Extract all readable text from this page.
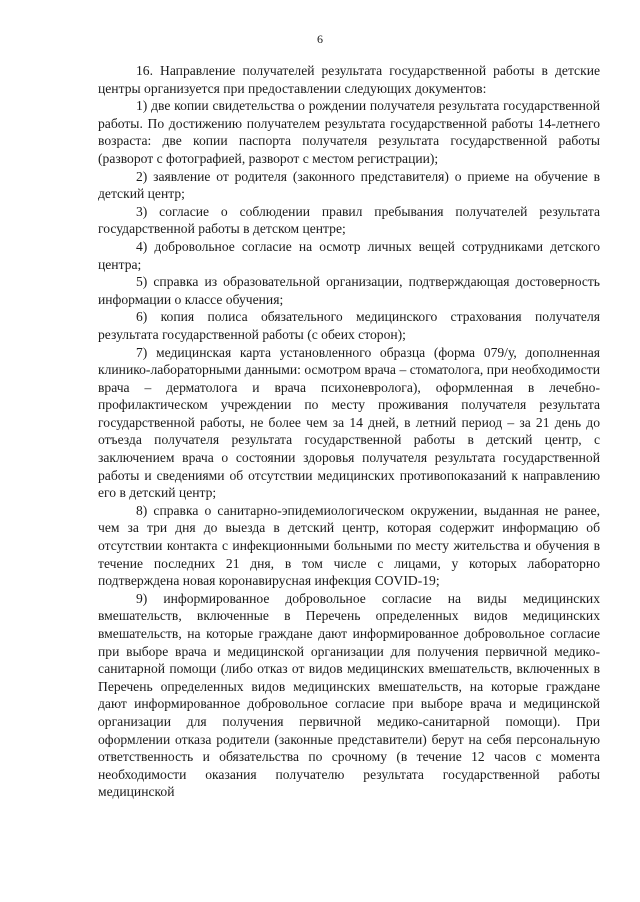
6

16. Направление получателей результата государственной работы в детские центры организуется при предоставлении следующих документов:

1) две копии свидетельства о рождении получателя результата государственной работы. По достижению получателем результата государственной работы 14-летнего возраста: две копии паспорта получателя результата государственной работы (разворот с фотографией, разворот с местом регистрации);

2) заявление от родителя (законного представителя) о приеме на обучение в детский центр;

3) согласие о соблюдении правил пребывания получателей результата государственной работы в детском центре;

4) добровольное согласие на осмотр личных вещей сотрудниками детского центра;

5) справка из образовательной организации, подтверждающая достоверность информации о классе обучения;

6) копия полиса обязательного медицинского страхования получателя результата государственной работы (с обеих сторон);

7) медицинская карта установленного образца (форма 079/у, дополненная клинико-лабораторными данными: осмотром врача – стоматолога, при необходимости врача – дерматолога и врача психоневролога), оформленная в лечебно-профилактическом учреждении по месту проживания получателя результата государственной работы, не более чем за 14 дней, в летний период – за 21 день до отъезда получателя результата государственной работы в детский центр, с заключением врача о состоянии здоровья получателя результата государственной работы и сведениями об отсутствии медицинских противопоказаний к направлению его в детский центр;

8) справка о санитарно-эпидемиологическом окружении, выданная не ранее, чем за три дня до выезда в детский центр, которая содержит информацию об отсутствии контакта с инфекционными больными по месту жительства и обучения в течение последних 21 дня, в том числе с лицами, у которых лабораторно подтверждена новая коронавирусная инфекция COVID-19;

9) информированное добровольное согласие на виды медицинских вмешательств, включенные в Перечень определенных видов медицинских вмешательств, на которые граждане дают информированное добровольное согласие при выборе врача и медицинской организации для получения первичной медико-санитарной помощи (либо отказ от видов медицинских вмешательств, включенных в Перечень определенных видов медицинских вмешательств, на которые граждане дают информированное добровольное согласие при выборе врача и медицинской организации для получения первичной медико-санитарной помощи). При оформлении отказа родители (законные представители) берут на себя персональную ответственность и обязательства по срочному (в течение 12 часов с момента необходимости оказания получателю результата государственной работы медицинской
